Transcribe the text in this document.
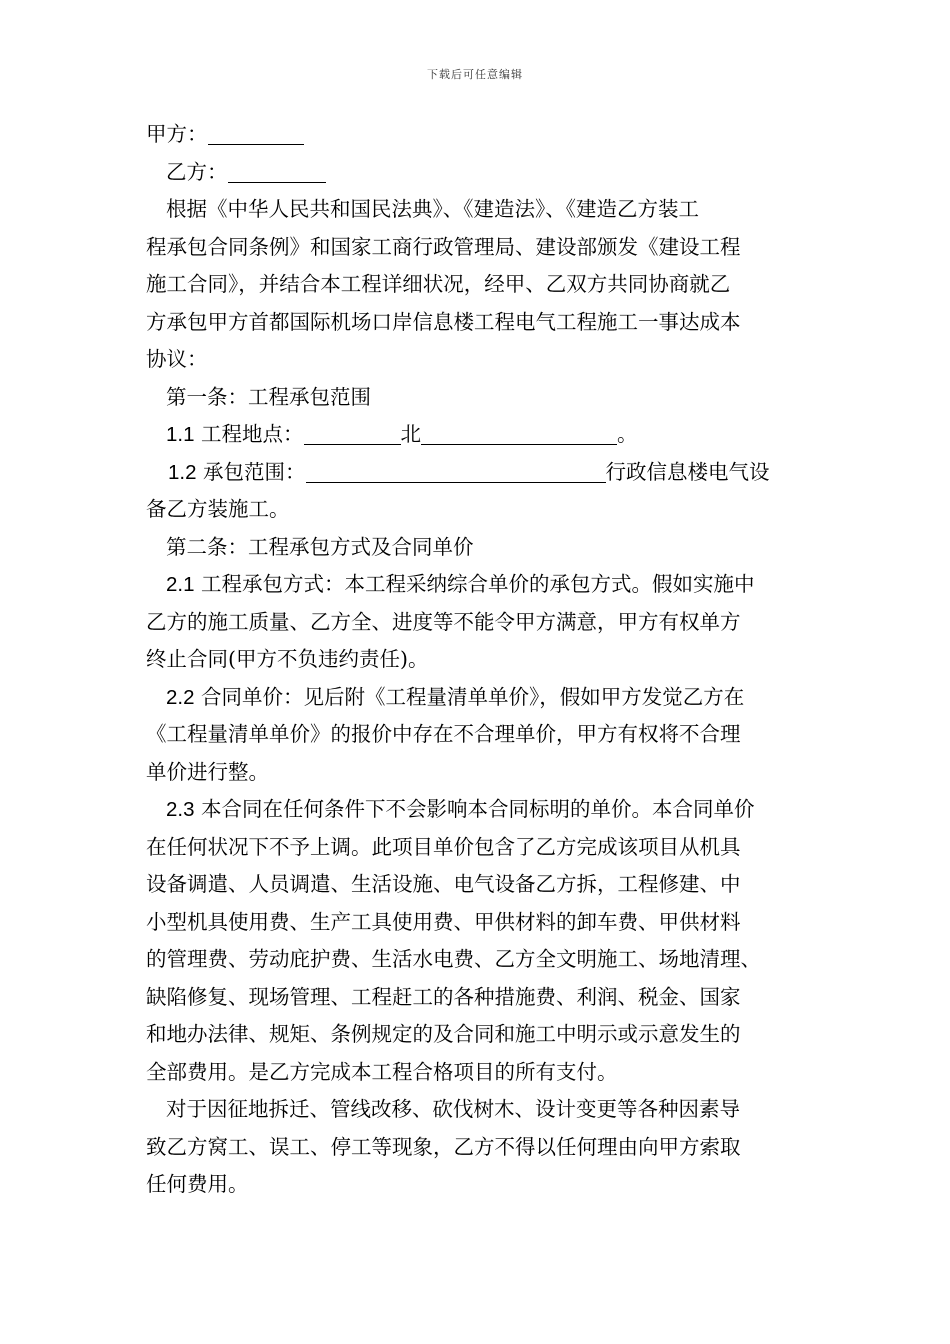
下载后可任意编辑
甲方：
乙方：
根据《中华人民共和国民法典》、《建造法》、《建造乙方装工
程承包合同条例》和国家工商行政管理局、建设部颁发《建设工程
施工合同》，并结合本工程详细状况，经甲、乙双方共同协商就乙
方承包甲方首都国际机场口岸信息楼工程电气工程施工一事达成本
协议：
第一条：工程承包范围
1.1 工程地点：	北	。
1.2 承包范围：	行政信息楼电气设
备乙方装施工。
第二条：工程承包方式及合同单价
2.1 工程承包方式：本工程采纳综合单价的承包方式。假如实施中
乙方的施工质量、乙方全、进度等不能令甲方满意，甲方有权单方
终止合同(甲方不负违约责任)。
2.2 合同单价：见后附《工程量清单单价》，假如甲方发觉乙方在
《工程量清单单价》的报价中存在不合理单价，甲方有权将不合理
单价进行整。
2.3 本合同在任何条件下不会影响本合同标明的单价。本合同单价
在任何状况下不予上调。此项目单价包含了乙方完成该项目从机具
设备调遣、人员调遣、生活设施、电气设备乙方拆，工程修建、中
小型机具使用费、生产工具使用费、甲供材料的卸车费、甲供材料
的管理费、劳动庇护费、生活水电费、乙方全文明施工、场地清理、
缺陷修复、现场管理、工程赶工的各种措施费、利润、税金、国家
和地办法律、规矩、条例规定的及合同和施工中明示或示意发生的
全部费用。是乙方完成本工程合格项目的所有支付。
对于因征地拆迁、管线改移、砍伐树木、设计变更等各种因素导
致乙方窝工、误工、停工等现象，乙方不得以任何理由向甲方索取
任何费用。
